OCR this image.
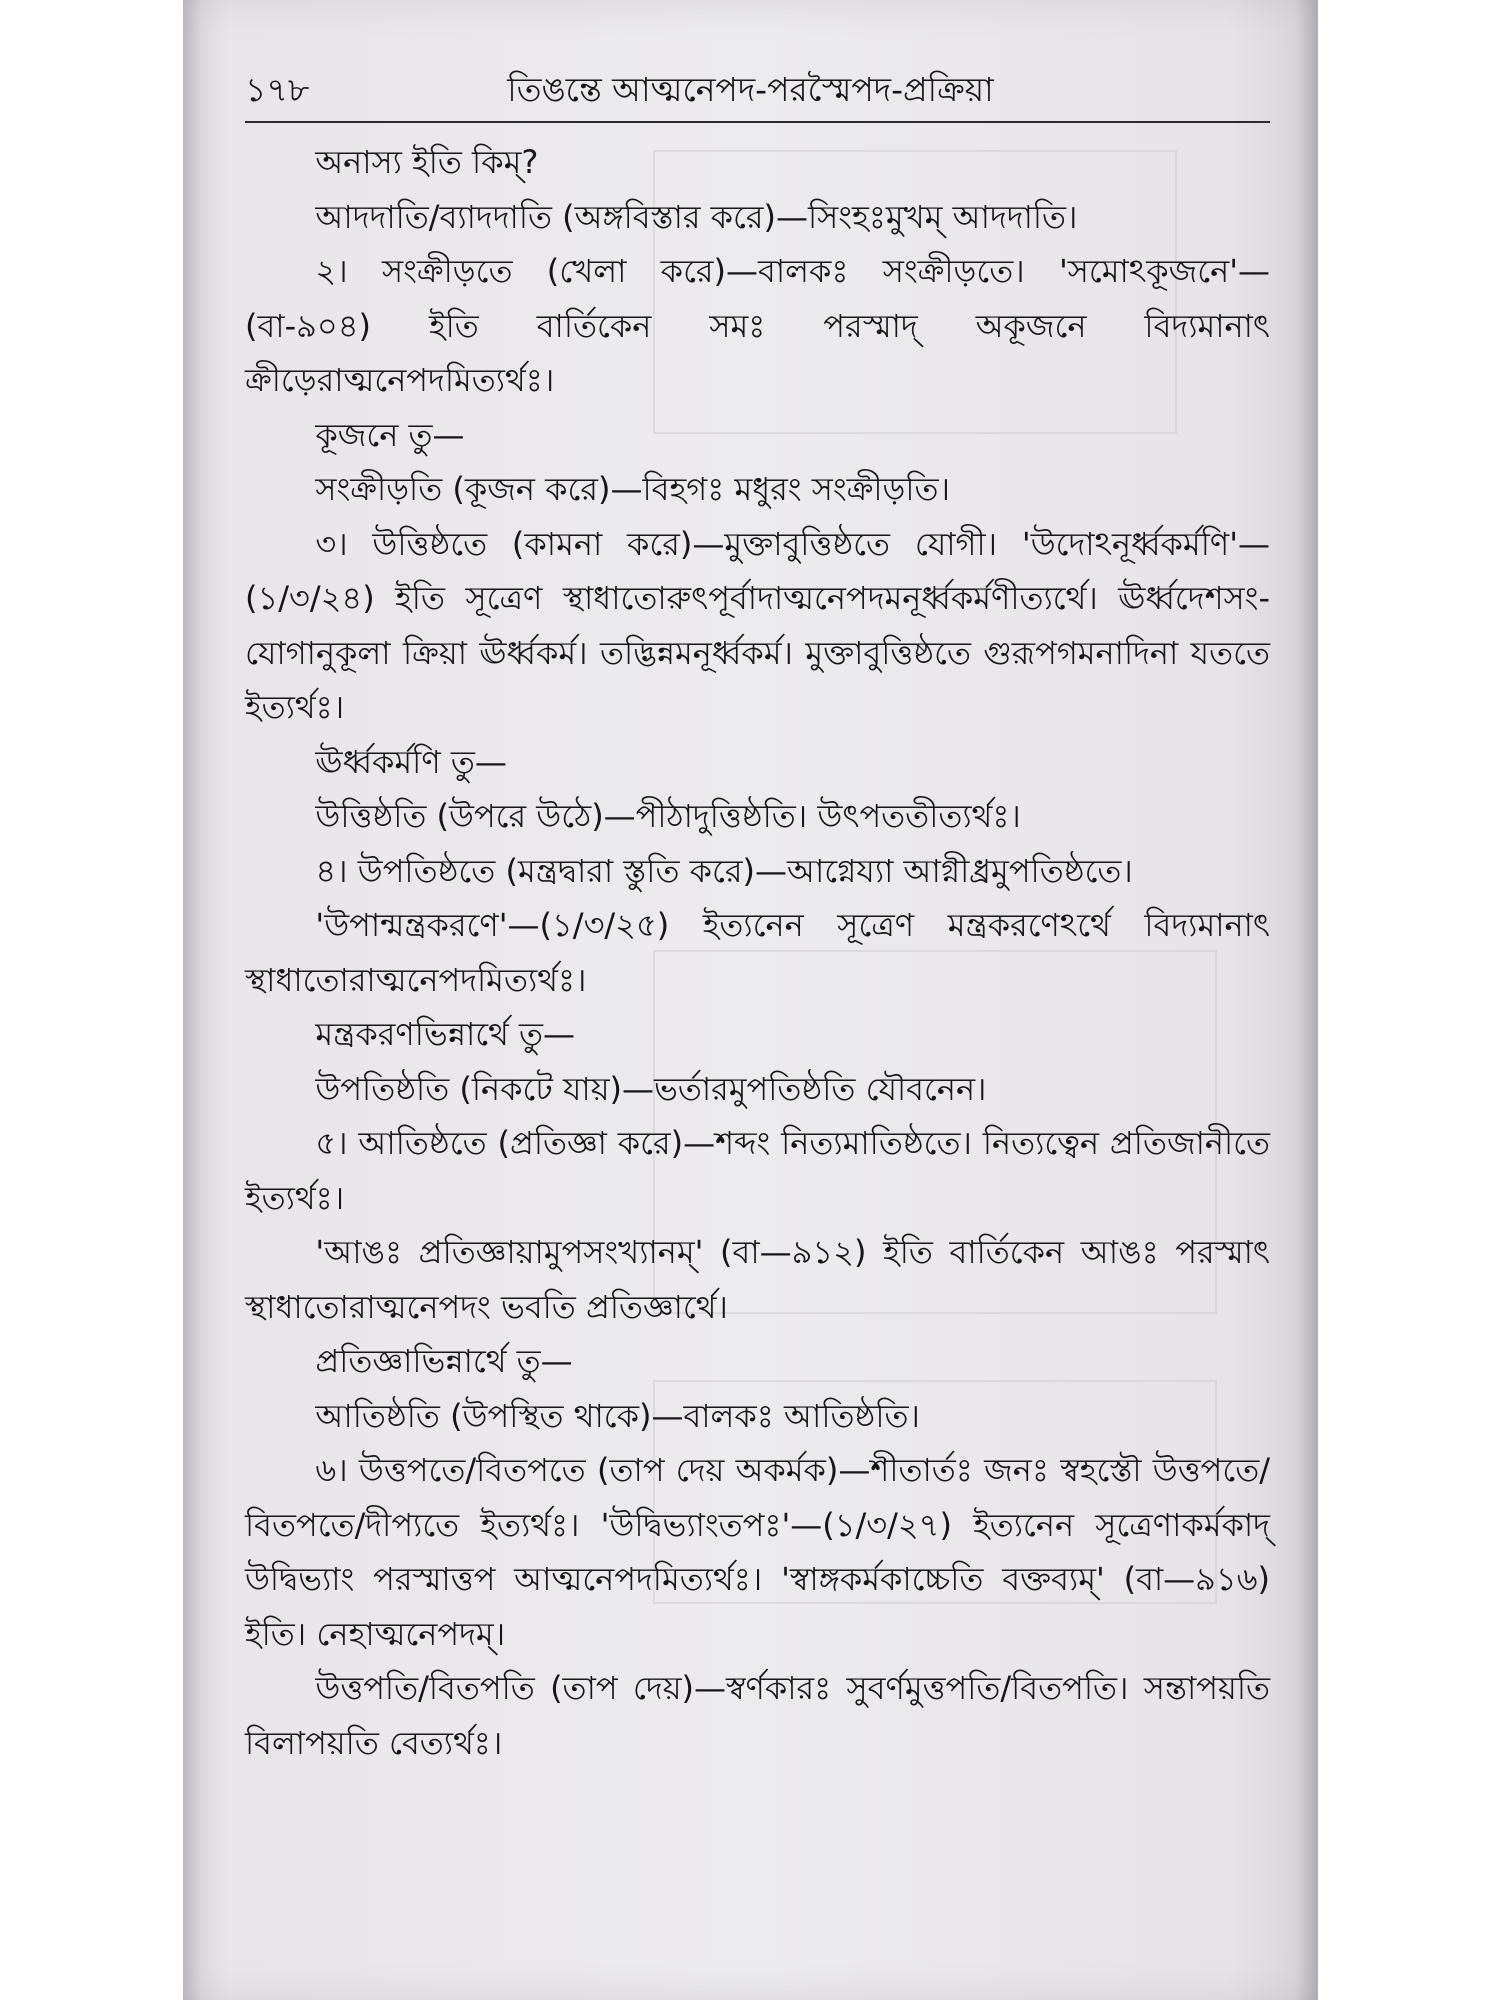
১৭৮	তিঙন্তে আত্মনেপদ-পরস্মৈপদ-প্রক্রিয়া

অনাস্য ইতি কিম্?

আদদাতি/ব্যাদদাতি (অঙ্গবিস্তার করে)—সিংহঃমুখম্ আদদাতি।

২। সংক্রীড়তে (খেলা করে)—বালকঃ সংক্রীড়তে। 'সমোঽকূজনে'—(বা-৯০৪) ইতি বার্তিকেন সমঃ পরস্মাদ্ অকূজনে বিদ্যমানাৎ ক্রীড়েরাত্মনেপদমিত্যর্থঃ।

কূজনে তু—

সংক্রীড়তি (কূজন করে)—বিহগঃ মধুরং সংক্রীড়তি।

৩। উত্তিষ্ঠতে (কামনা করে)—মুক্তাবুত্তিষ্ঠতে যোগী। 'উদোঽনূর্ধ্বকর্মণি'—(১/৩/২৪) ইতি সূত্রেণ স্থাধাতোরুৎপূর্বাদাত্মনেপদমনূর্ধ্বকর্মণীত্যর্থে। ঊর্ধ্বদেশসং-যোগানুকূলা ক্রিয়া ঊর্ধ্বকর্ম। তদ্ভিন্নমনূর্ধ্বকর্ম। মুক্তাবুত্তিষ্ঠতে গুরূপগমনাদিনা যততে ইত্যর্থঃ।

ঊর্ধ্বকর্মণি তু—

উত্তিষ্ঠতি (উপরে উঠে)—পীঠাদুত্তিষ্ঠতি। উৎপততীত্যর্থঃ।

৪। উপতিষ্ঠতে (মন্ত্রদ্বারা স্তুতি করে)—আগ্নেয্যা আগ্নীধ্রমুপতিষ্ঠতে।

'উপান্মন্ত্রকরণে'—(১/৩/২৫) ইত্যনেন সূত্রেণ মন্ত্রকরণেঽর্থে বিদ্যমানাৎ স্থাধাতোরাত্মনেপদমিত্যর্থঃ।

মন্ত্রকরণভিন্নার্থে তু—

উপতিষ্ঠতি (নিকটে যায়)—ভর্তারমুপতিষ্ঠতি যৌবনেন।

৫। আতিষ্ঠতে (প্রতিজ্ঞা করে)—শব্দং নিত্যমাতিষ্ঠতে। নিত্যত্বেন প্রতিজানীতে ইত্যর্থঃ।

'আঙঃ প্রতিজ্ঞায়ামুপসংখ্যানম্' (বা—৯১২) ইতি বার্তিকেন আঙঃ পরস্মাৎ স্থাধাতোরাত্মনেপদং ভবতি প্রতিজ্ঞার্থে।

প্রতিজ্ঞাভিন্নার্থে তু—

আতিষ্ঠতি (উপস্থিত থাকে)—বালকঃ আতিষ্ঠতি।

৬। উত্তপতে/বিতপতে (তাপ দেয় অকর্মক)—শীতার্তঃ জনঃ স্বহস্তৌ উত্তপতে/বিতপতে/দীপ্যতে ইত্যর্থঃ। 'উদ্বিভ্যাংতপঃ'—(১/৩/২৭) ইত্যনেন সূত্রেণাকর্মকাদ্ উদ্বিভ্যাং পরস্মাত্তপ আত্মনেপদমিত্যর্থঃ। 'স্বাঙ্গকর্মকাচ্চেতি বক্তব্যম্' (বা—৯১৬) ইতি। নেহাত্মনেপদম্।

উত্তপতি/বিতপতি (তাপ দেয়)—স্বর্ণকারঃ সুবর্ণমুত্তপতি/বিতপতি। সন্তাপয়তি বিলাপয়তি বেত্যর্থঃ।
